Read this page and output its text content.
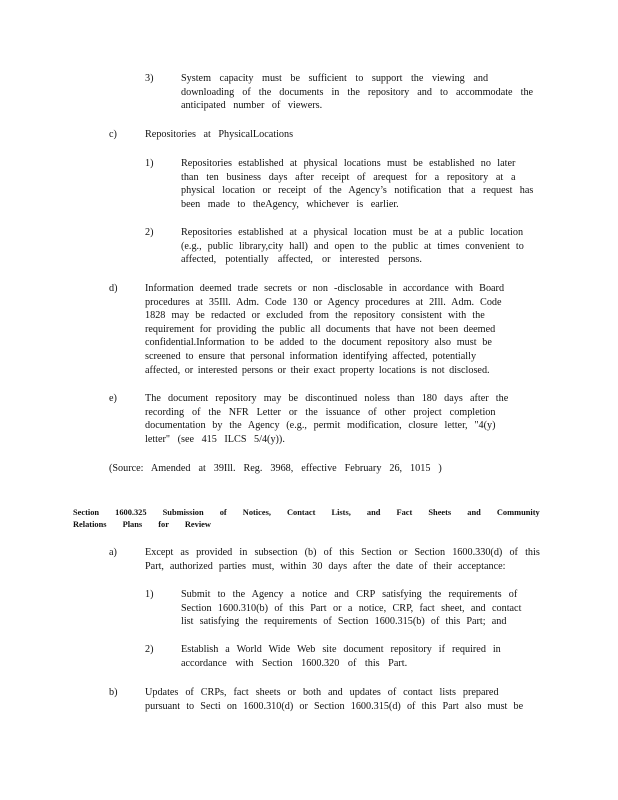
3)	System capacity must be sufficient to support the viewing and
downloading of the documents in the repository and to accommodate the
anticipated number of viewers.
c)	Repositories at PhysicalLocations
1)	Repositories established at physical locations must be established no later
than ten business days after receipt of arequest for a repository at a
physical location or receipt of the Agency’s notification that a request has
been made to theAgency, whichever is earlier.
2)	Repositories established at a physical location must be at a public location
(e.g., public library,city hall) and open to the public at times convenient to
affected, potentially affected, or interested persons.
d)	Information deemed trade secrets or non -disclosable in accordance with Board
procedures at 35Ill. Adm. Code 130 or Agency procedures at 2Ill. Adm. Code
1828 may be redacted or excluded from the repository consistent with the
requirement for providing the public all documents that have not been deemed
confidential.Information to be added to the document repository also must be
screened to ensure that personal information identifying affected, potentially
affected, or interested persons or their exact property locations is not disclosed.
e)	The document repository may be discontinued noless than 180 days after the
recording of the NFR Letter or the issuance of other project completion
documentation by the Agency (e.g., permit modification, closure letter, "4(y)
letter" (see 415 ILCS 5/4(y)).
(Source: Amended at 39Ill. Reg. 3968, effective February 26, 1015 )
Section 1600.325 Submission of Notices, Contact Lists, and Fact Sheets and Community
Relations Plans for Review
a)	Except as provided in subsection (b) of this Section or Section 1600.330(d) of this
Part, authorized parties must, within 30 days after the date of their acceptance:
1)	Submit to the Agency a notice and CRP satisfying the requirements of
Section 1600.310(b) of this Part or a notice, CRP, fact sheet, and contact
list satisfying the requirements of Section 1600.315(b) of this Part; and
2)	Establish a World Wide Web site document repository if required in
accordance with Section 1600.320 of this Part.
b)	Updates of CRPs, fact sheets or both and updates of contact lists prepared
pursuant to Secti on 1600.310(d) or Section 1600.315(d) of this Part also must be
